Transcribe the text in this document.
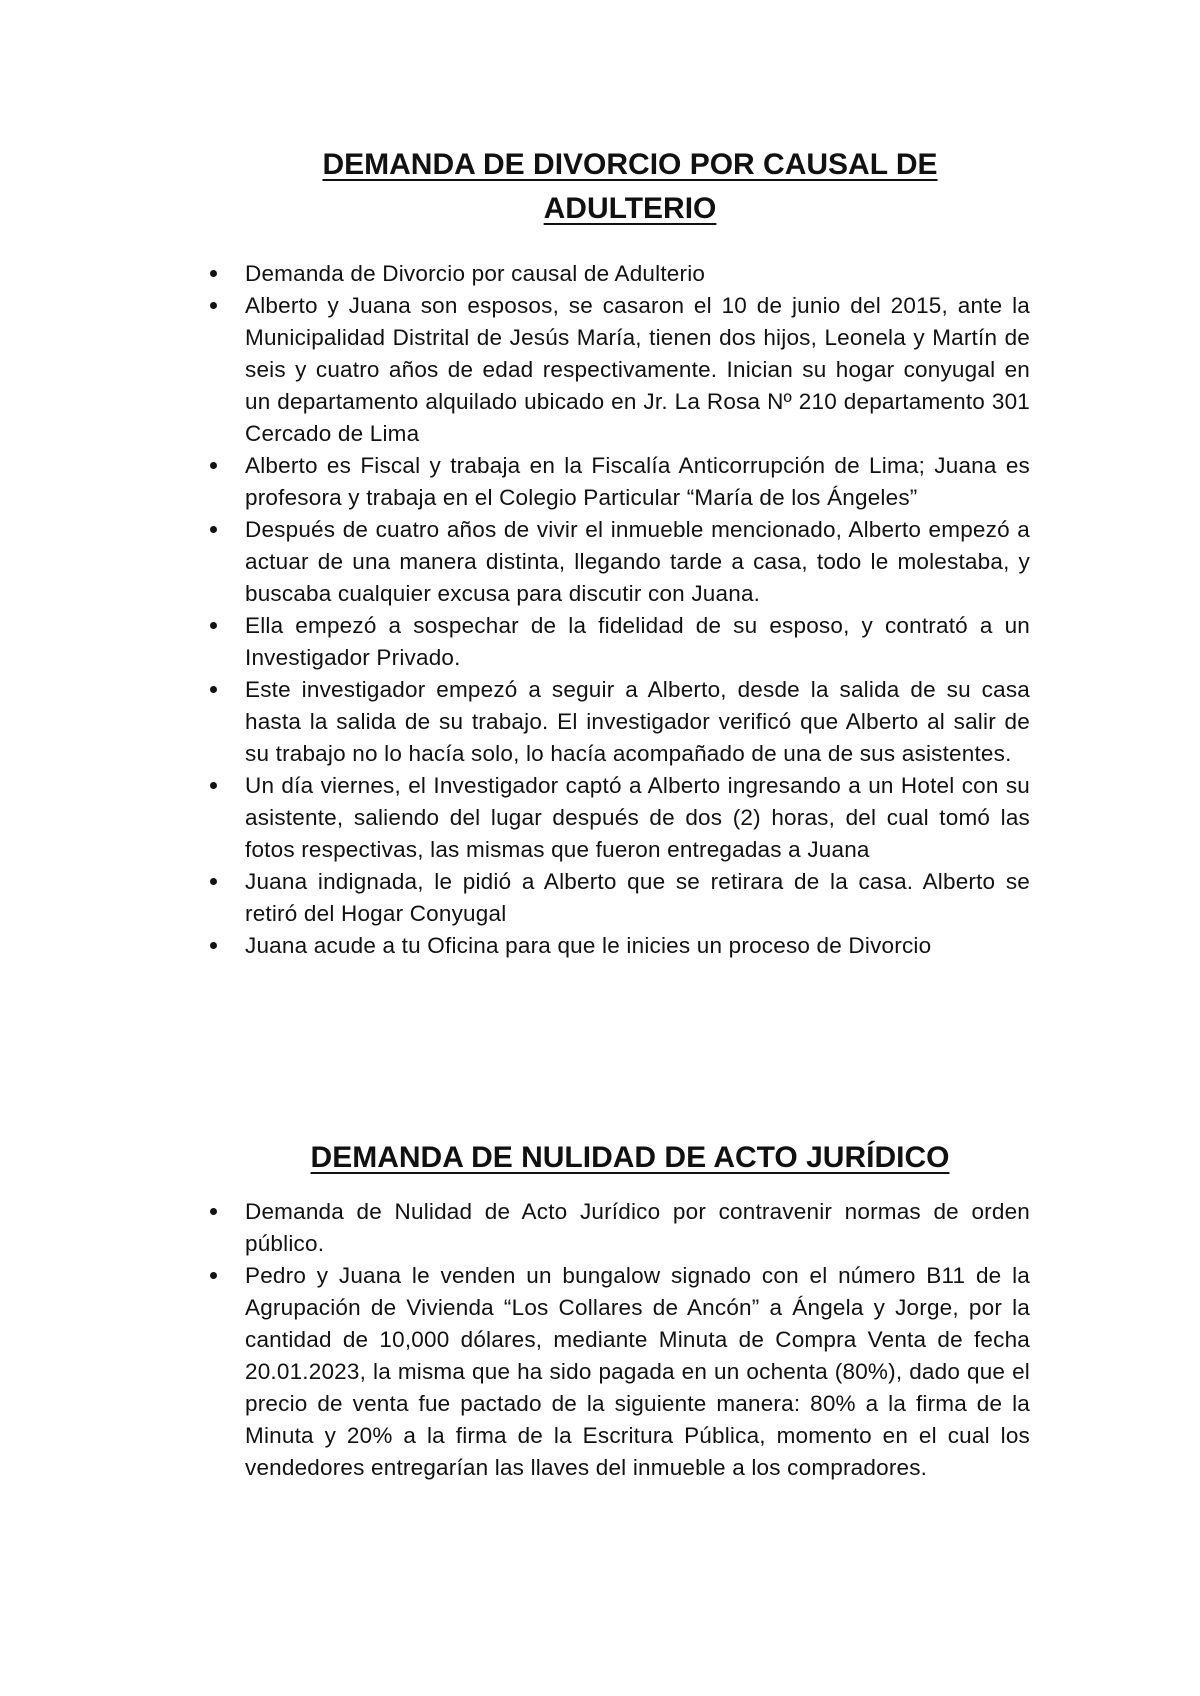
DEMANDA DE DIVORCIO POR CAUSAL DE
ADULTERIO
Demanda de Divorcio por causal de Adulterio
Alberto y Juana son esposos, se casaron el 10 de junio del 2015, ante la Municipalidad Distrital de Jesús María, tienen dos hijos, Leonela y Martín de seis y cuatro años de edad respectivamente. Inician su hogar conyugal en un departamento alquilado ubicado en Jr. La Rosa Nº 210 departamento 301 Cercado de Lima
Alberto es Fiscal y trabaja en la Fiscalía Anticorrupción de Lima; Juana es profesora y trabaja en el Colegio Particular “María de los Ángeles”
Después de cuatro años de vivir el inmueble mencionado, Alberto empezó a actuar de una manera distinta, llegando tarde a casa, todo le molestaba, y buscaba cualquier excusa para discutir con Juana.
Ella empezó a sospechar de la fidelidad de su esposo, y contrató a un Investigador Privado.
Este investigador empezó a seguir a Alberto, desde la salida de su casa hasta la salida de su trabajo. El investigador verificó que Alberto al salir de su trabajo no lo hacía solo, lo hacía acompañado de una de sus asistentes.
Un día viernes, el Investigador captó a Alberto ingresando a un Hotel con su asistente, saliendo del lugar después de dos (2) horas, del cual tomó las fotos respectivas, las mismas que fueron entregadas a Juana
Juana indignada, le pidió a Alberto que se retirara de la casa. Alberto se retiró del Hogar Conyugal
Juana acude a tu Oficina para que le inicies un proceso de Divorcio
DEMANDA DE NULIDAD DE ACTO JURÍDICO
Demanda de Nulidad de Acto Jurídico por contravenir normas de orden público.
Pedro y Juana le venden un bungalow signado con el número B11 de la Agrupación de Vivienda “Los Collares de Ancón” a Ángela y Jorge, por la cantidad de 10,000 dólares, mediante Minuta de Compra Venta de fecha 20.01.2023, la misma que ha sido pagada en un ochenta (80%), dado que el precio de venta fue pactado de la siguiente manera: 80% a la firma de la Minuta y 20% a la firma de la Escritura Pública, momento en el cual los vendedores entregarían las llaves del inmueble a los compradores.
